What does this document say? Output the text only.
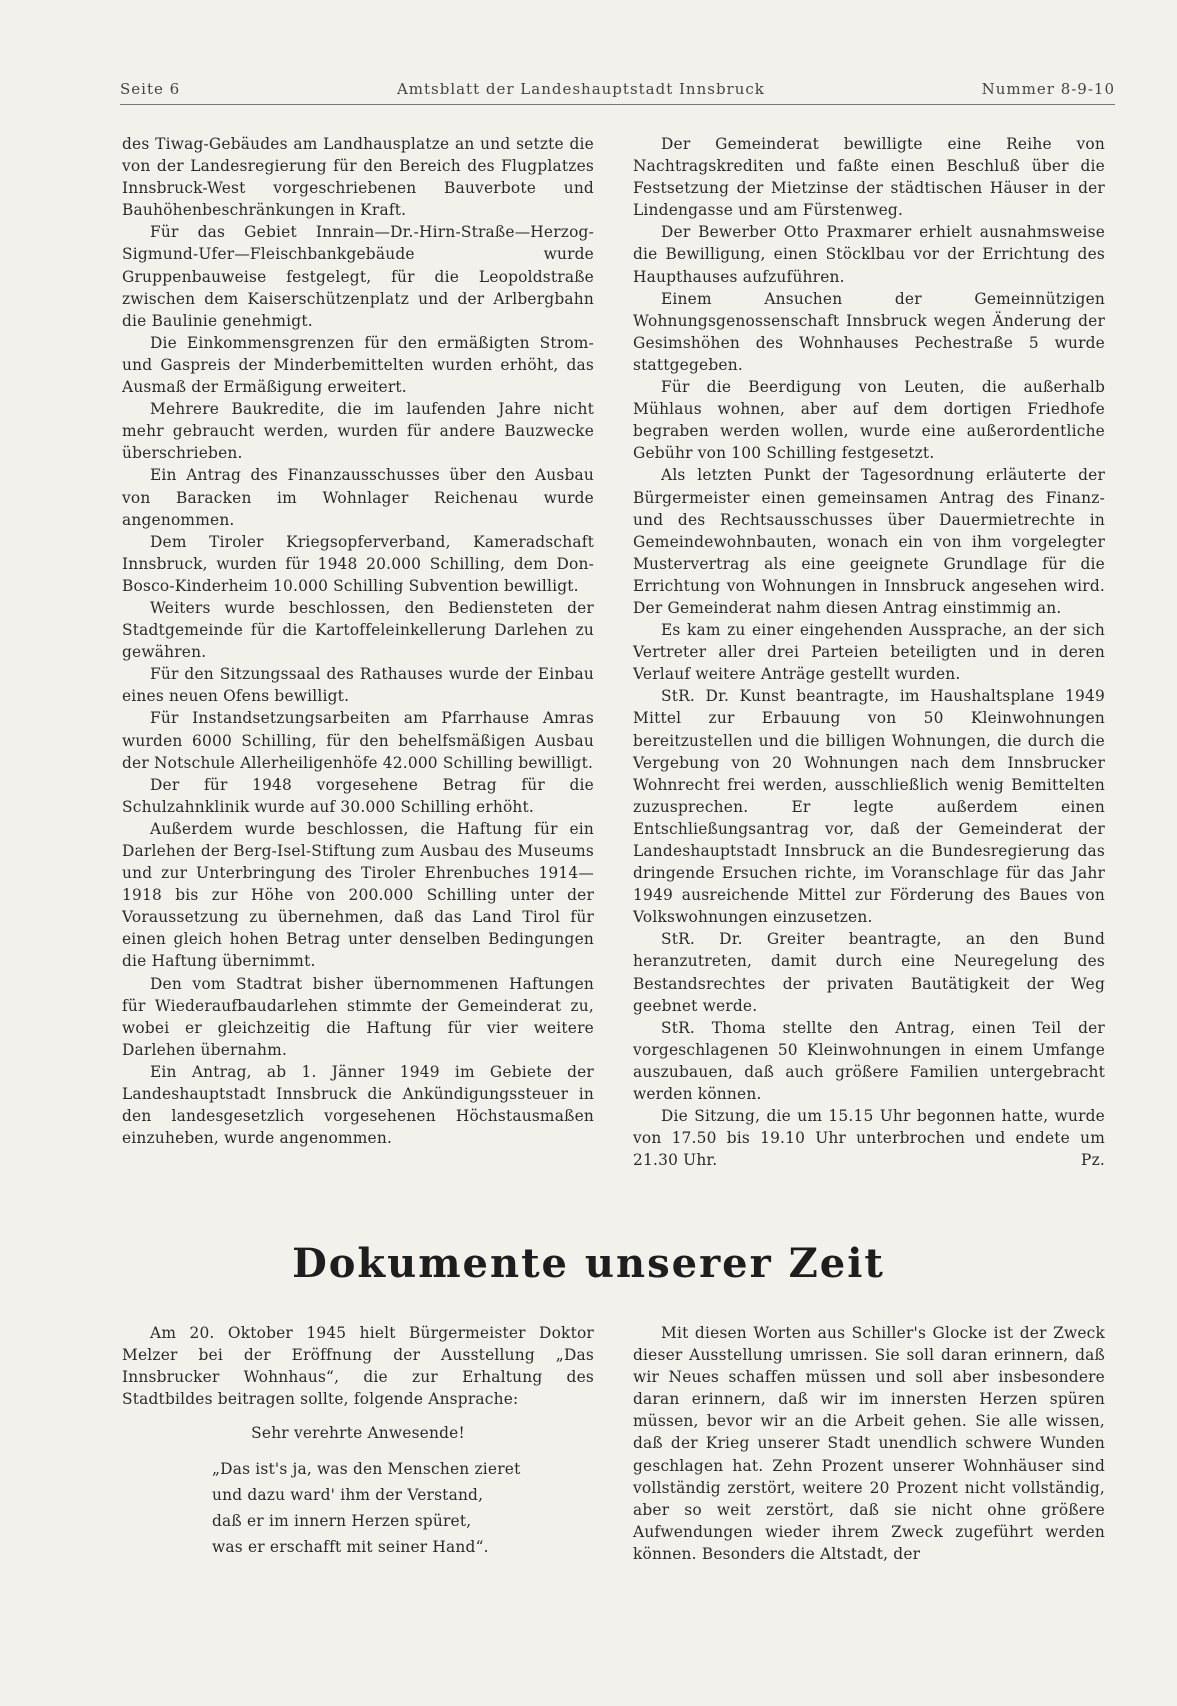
Seite 6	Amtsblatt der Landeshauptstadt Innsbruck	Nummer 8-9-10

des Tiwag-Gebäudes am Landhausplatze an und setzte die von der Landesregierung für den Bereich des Flugplatzes Innsbruck-West vorgeschriebenen Bauverbote und Bauhöhenbeschränkungen in Kraft.

Für das Gebiet Innrain—Dr.-Hirn-Straße—Herzog-Sigmund-Ufer—Fleischbankgebäude wurde Gruppenbauweise festgelegt, für die Leopoldstraße zwischen dem Kaiserschützenplatz und der Arlbergbahn die Baulinie genehmigt.

Die Einkommensgrenzen für den ermäßigten Strom- und Gaspreis der Minderbemittelten wurden erhöht, das Ausmaß der Ermäßigung erweitert.

Mehrere Baukredite, die im laufenden Jahre nicht mehr gebraucht werden, wurden für andere Bauzwecke überschrieben.

Ein Antrag des Finanzausschusses über den Ausbau von Baracken im Wohnlager Reichenau wurde angenommen.

Dem Tiroler Kriegsopferverband, Kameradschaft Innsbruck, wurden für 1948 20.000 Schilling, dem Don-Bosco-Kinderheim 10.000 Schilling Subvention bewilligt.

Weiters wurde beschlossen, den Bediensteten der Stadtgemeinde für die Kartoffeleinkellerung Darlehen zu gewähren.

Für den Sitzungssaal des Rathauses wurde der Einbau eines neuen Ofens bewilligt.

Für Instandsetzungsarbeiten am Pfarrhause Amras wurden 6000 Schilling, für den behelfsmäßigen Ausbau der Notschule Allerheiligenhöfe 42.000 Schilling bewilligt.

Der für 1948 vorgesehene Betrag für die Schulzahnklinik wurde auf 30.000 Schilling erhöht.

Außerdem wurde beschlossen, die Haftung für ein Darlehen der Berg-Isel-Stiftung zum Ausbau des Museums und zur Unterbringung des Tiroler Ehrenbuches 1914—1918 bis zur Höhe von 200.000 Schilling unter der Voraussetzung zu übernehmen, daß das Land Tirol für einen gleich hohen Betrag unter denselben Bedingungen die Haftung übernimmt.

Den vom Stadtrat bisher übernommenen Haftungen für Wiederaufbaudarlehen stimmte der Gemeinderat zu, wobei er gleichzeitig die Haftung für vier weitere Darlehen übernahm.

Ein Antrag, ab 1. Jänner 1949 im Gebiete der Landeshauptstadt Innsbruck die Ankündigungssteuer in den landesgesetzlich vorgesehenen Höchstausmaßen einzuheben, wurde angenommen.

Der Gemeinderat bewilligte eine Reihe von Nachtragskrediten und faßte einen Beschluß über die Festsetzung der Mietzinse der städtischen Häuser in der Lindengasse und am Fürstenweg.

Der Bewerber Otto Praxmarer erhielt ausnahmsweise die Bewilligung, einen Stöcklbau vor der Errichtung des Haupthauses aufzuführen.

Einem Ansuchen der Gemeinnützigen Wohnungsgenossenschaft Innsbruck wegen Änderung der Gesimshöhen des Wohnhauses Pechestraße 5 wurde stattgegeben.

Für die Beerdigung von Leuten, die außerhalb Mühlaus wohnen, aber auf dem dortigen Friedhofe begraben werden wollen, wurde eine außerordentliche Gebühr von 100 Schilling festgesetzt.

Als letzten Punkt der Tagesordnung erläuterte der Bürgermeister einen gemeinsamen Antrag des Finanz- und des Rechtsausschusses über Dauermietrechte in Gemeindewohnbauten, wonach ein von ihm vorgelegter Mustervertrag als eine geeignete Grundlage für die Errichtung von Wohnungen in Innsbruck angesehen wird. Der Gemeinderat nahm diesen Antrag einstimmig an.

Es kam zu einer eingehenden Aussprache, an der sich Vertreter aller drei Parteien beteiligten und in deren Verlauf weitere Anträge gestellt wurden.

StR. Dr. Kunst beantragte, im Haushaltsplane 1949 Mittel zur Erbauung von 50 Kleinwohnungen bereitzustellen und die billigen Wohnungen, die durch die Vergebung von 20 Wohnungen nach dem Innsbrucker Wohnrecht frei werden, ausschließlich wenig Bemittelten zuzusprechen. Er legte außerdem einen Entschließungsantrag vor, daß der Gemeinderat der Landeshauptstadt Innsbruck an die Bundesregierung das dringende Ersuchen richte, im Voranschlage für das Jahr 1949 ausreichende Mittel zur Förderung des Baues von Volkswohnungen einzusetzen.

StR. Dr. Greiter beantragte, an den Bund heranzutreten, damit durch eine Neuregelung des Bestandsrechtes der privaten Bautätigkeit der Weg geebnet werde.

StR. Thoma stellte den Antrag, einen Teil der vorgeschlagenen 50 Kleinwohnungen in einem Umfange auszubauen, daß auch größere Familien untergebracht werden können.

Die Sitzung, die um 15.15 Uhr begonnen hatte, wurde von 17.50 bis 19.10 Uhr unterbrochen und endete um 21.30 Uhr.	Pz.

Dokumente unserer Zeit

Am 20. Oktober 1945 hielt Bürgermeister Doktor Melzer bei der Eröffnung der Ausstellung „Das Innsbrucker Wohnhaus“, die zur Erhaltung des Stadtbildes beitragen sollte, folgende Ansprache:

Sehr verehrte Anwesende!

„Das ist's ja, was den Menschen zieret
und dazu ward' ihm der Verstand,
daß er im innern Herzen spüret,
was er erschafft mit seiner Hand“.

Mit diesen Worten aus Schiller's Glocke ist der Zweck dieser Ausstellung umrissen. Sie soll daran erinnern, daß wir Neues schaffen müssen und soll aber insbesondere daran erinnern, daß wir im innersten Herzen spüren müssen, bevor wir an die Arbeit gehen. Sie alle wissen, daß der Krieg unserer Stadt unendlich schwere Wunden geschlagen hat. Zehn Prozent unserer Wohnhäuser sind vollständig zerstört, weitere 20 Prozent nicht vollständig, aber so weit zerstört, daß sie nicht ohne größere Aufwendungen wieder ihrem Zweck zugeführt werden können. Besonders die Altstadt, der
